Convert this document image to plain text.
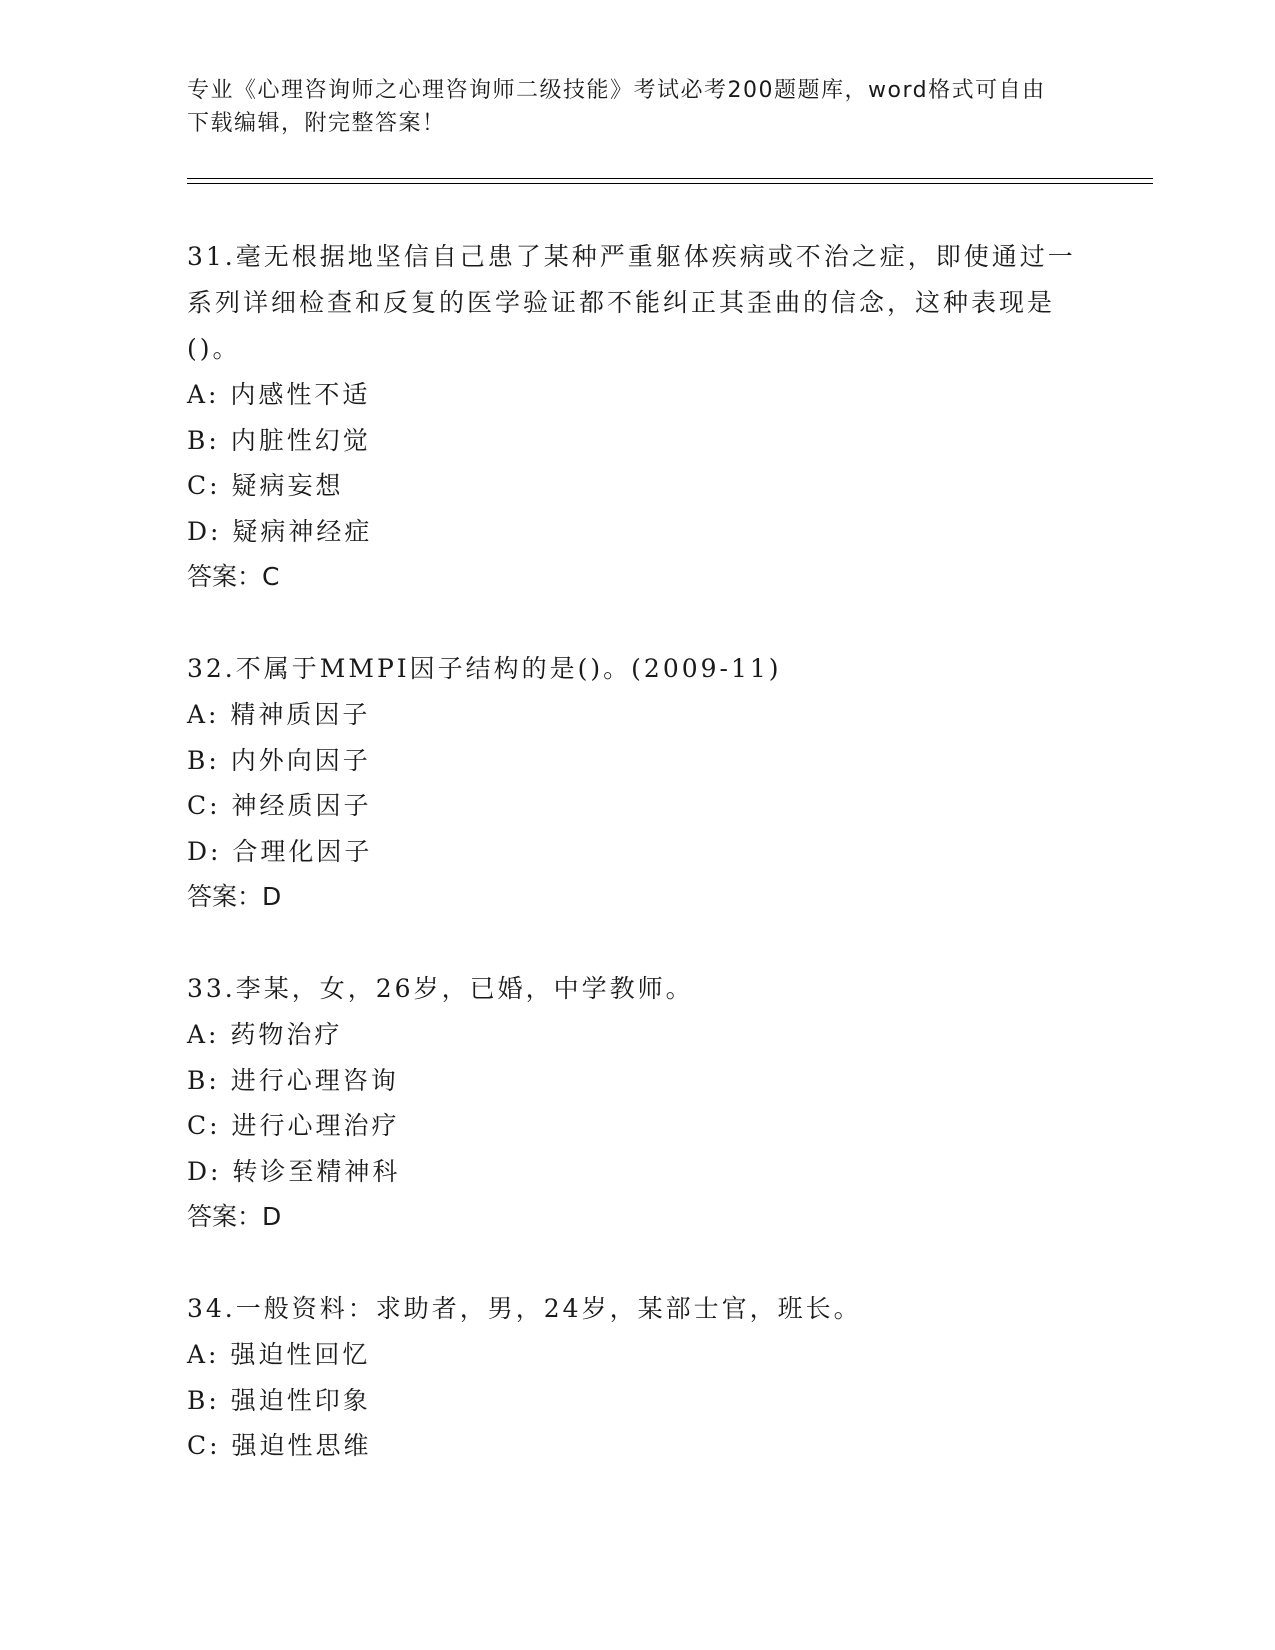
专业《心理咨询师之心理咨询师二级技能》考试必考200题题库，word格式可自由下载编辑，附完整答案！

31.毫无根据地坚信自己患了某种严重躯体疾病或不治之症，即使通过一系列详细检查和反复的医学验证都不能纠正其歪曲的信念，这种表现是()。

A: 内感性不适

B: 内脏性幻觉

C: 疑病妄想

D: 疑病神经症

答案：C

32.不属于MMPI因子结构的是()。(2009-11)

A: 精神质因子

B: 内外向因子

C: 神经质因子

D: 合理化因子

答案：D

33.李某，女，26岁，已婚，中学教师。

A: 药物治疗

B: 进行心理咨询

C: 进行心理治疗

D: 转诊至精神科

答案：D

34.一般资料：求助者，男，24岁，某部士官，班长。

A: 强迫性回忆

B: 强迫性印象

C: 强迫性思维
